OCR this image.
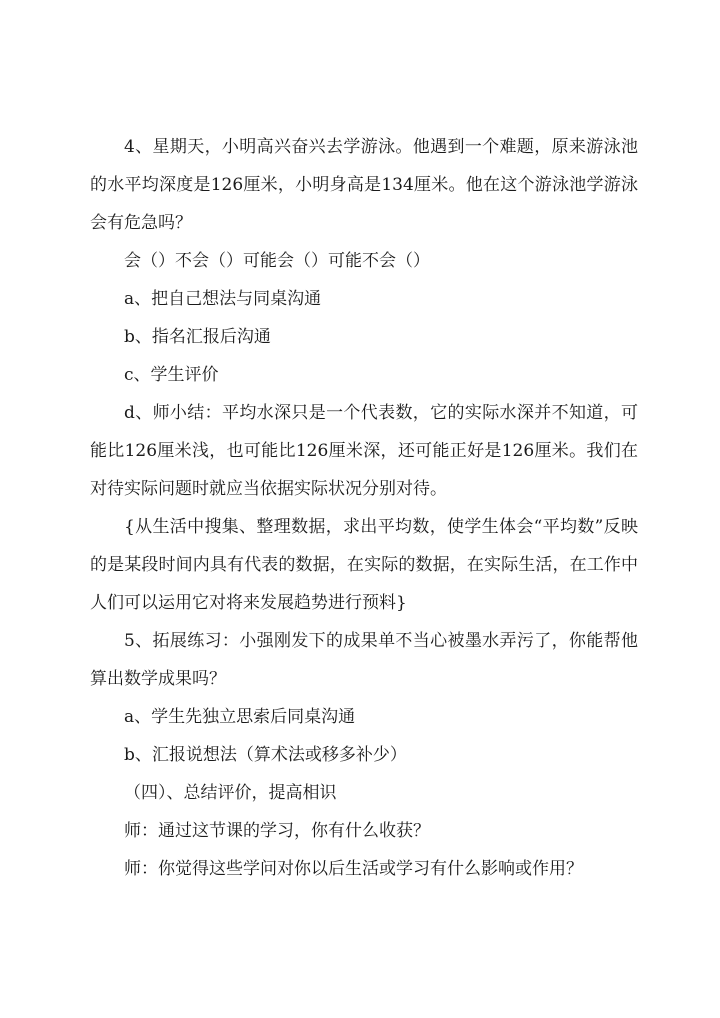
4、星期天，小明高兴奋兴去学游泳。他遇到一个难题，原来游泳池的水平均深度是126厘米，小明身高是134厘米。他在这个游泳池学游泳会有危急吗？

会（）不会（）可能会（）可能不会（）

a、把自己想法与同桌沟通

b、指名汇报后沟通

c、学生评价

d、师小结：平均水深只是一个代表数，它的实际水深并不知道，可能比126厘米浅，也可能比126厘米深，还可能正好是126厘米。我们在对待实际问题时就应当依据实际状况分别对待。

{从生活中搜集、整理数据，求出平均数，使学生体会“平均数”反映的是某段时间内具有代表的数据，在实际的数据，在实际生活，在工作中人们可以运用它对将来发展趋势进行预料}

5、拓展练习：小强刚发下的成果单不当心被墨水弄污了，你能帮他算出数学成果吗？

a、学生先独立思索后同桌沟通

b、汇报说想法（算术法或移多补少）

（四）、总结评价，提高相识

师：通过这节课的学习，你有什么收获？

师：你觉得这些学问对你以后生活或学习有什么影响或作用？
